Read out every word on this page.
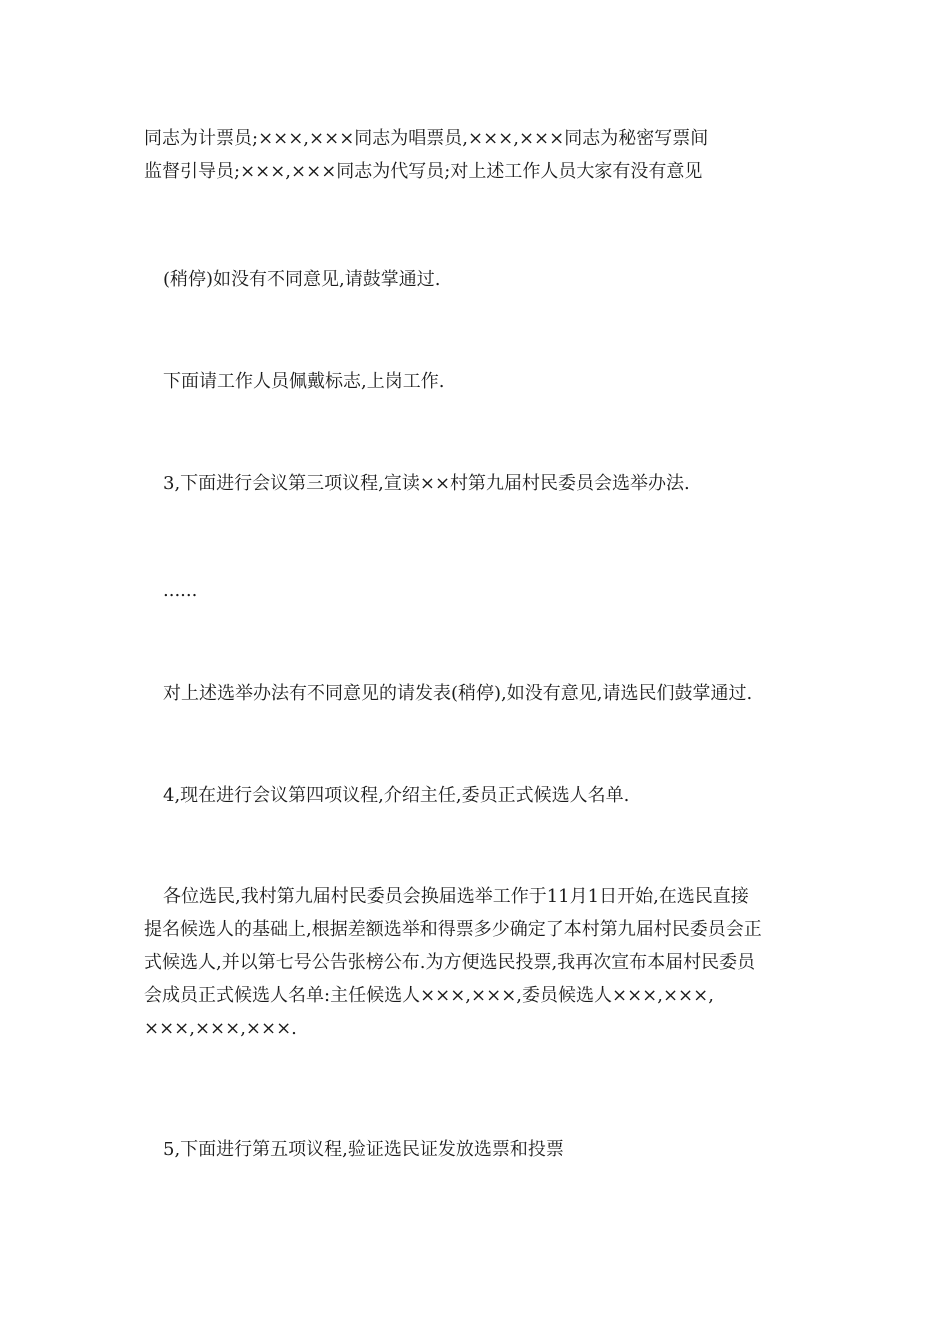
同志为计票员;×××,×××同志为唱票员,×××,×××同志为秘密写票间
监督引导员;×××,×××同志为代写员;对上述工作人员大家有没有意见

(稍停)如没有不同意见,请鼓掌通过.

下面请工作人员佩戴标志,上岗工作.

3,下面进行会议第三项议程,宣读××村第九届村民委员会选举办法.

......

对上述选举办法有不同意见的请发表(稍停),如没有意见,请选民们鼓掌通过.

4,现在进行会议第四项议程,介绍主任,委员正式候选人名单.

各位选民,我村第九届村民委员会换届选举工作于11月1日开始,在选民直接
提名候选人的基础上,根据差额选举和得票多少确定了本村第九届村民委员会正
式候选人,并以第七号公告张榜公布.为方便选民投票,我再次宣布本届村民委员
会成员正式候选人名单:主任候选人×××,×××,委员候选人×××,×××,
×××,×××,×××.

5,下面进行第五项议程,验证选民证发放选票和投票
